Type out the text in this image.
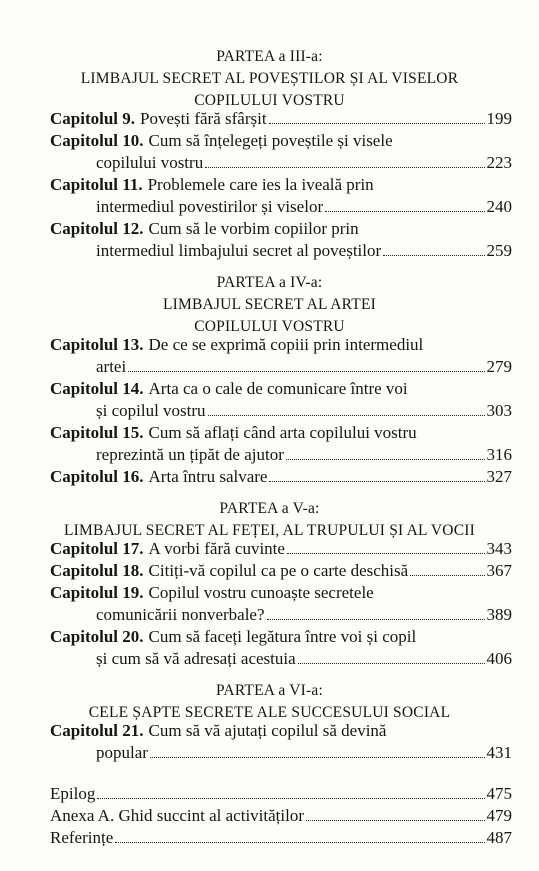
PARTEA a III-a:
LIMBAJUL SECRET AL POVEȘTILOR ȘI AL VISELOR
COPILULUI VOSTRU
Capitolul 9. Povești fără sfârșit	199
Capitolul 10. Cum să înțelegeți poveștile și visele
copilului vostru	223
Capitolul 11. Problemele care ies la iveală prin
intermediul povestirilor și viselor	240
Capitolul 12. Cum să le vorbim copiilor prin
intermediul limbajului secret al poveștilor	259
PARTEA a IV-a:
LIMBAJUL SECRET AL ARTEI
COPILULUI VOSTRU
Capitolul 13. De ce se exprimă copiii prin intermediul
artei	279
Capitolul 14. Arta ca o cale de comunicare între voi
și copilul vostru	303
Capitolul 15. Cum să aflați când arta copilului vostru
reprezintă un țipăt de ajutor	316
Capitolul 16. Arta întru salvare	327
PARTEA a V-a:
LIMBAJUL SECRET AL FEȚEI, AL TRUPULUI ȘI AL VOCII
Capitolul 17. A vorbi fără cuvinte	343
Capitolul 18. Citiți-vă copilul ca pe o carte deschisă	367
Capitolul 19. Copilul vostru cunoaște secretele
comunicării nonverbale?	389
Capitolul 20. Cum să faceți legătura între voi și copil
și cum să vă adresați acestuia	406
PARTEA a VI-a:
CELE ȘAPTE SECRETE ALE SUCCESULUI SOCIAL
Capitolul 21. Cum să vă ajutați copilul să devină
popular	431
Epilog	475
Anexa A. Ghid succint al activităților	479
Referințe	487
